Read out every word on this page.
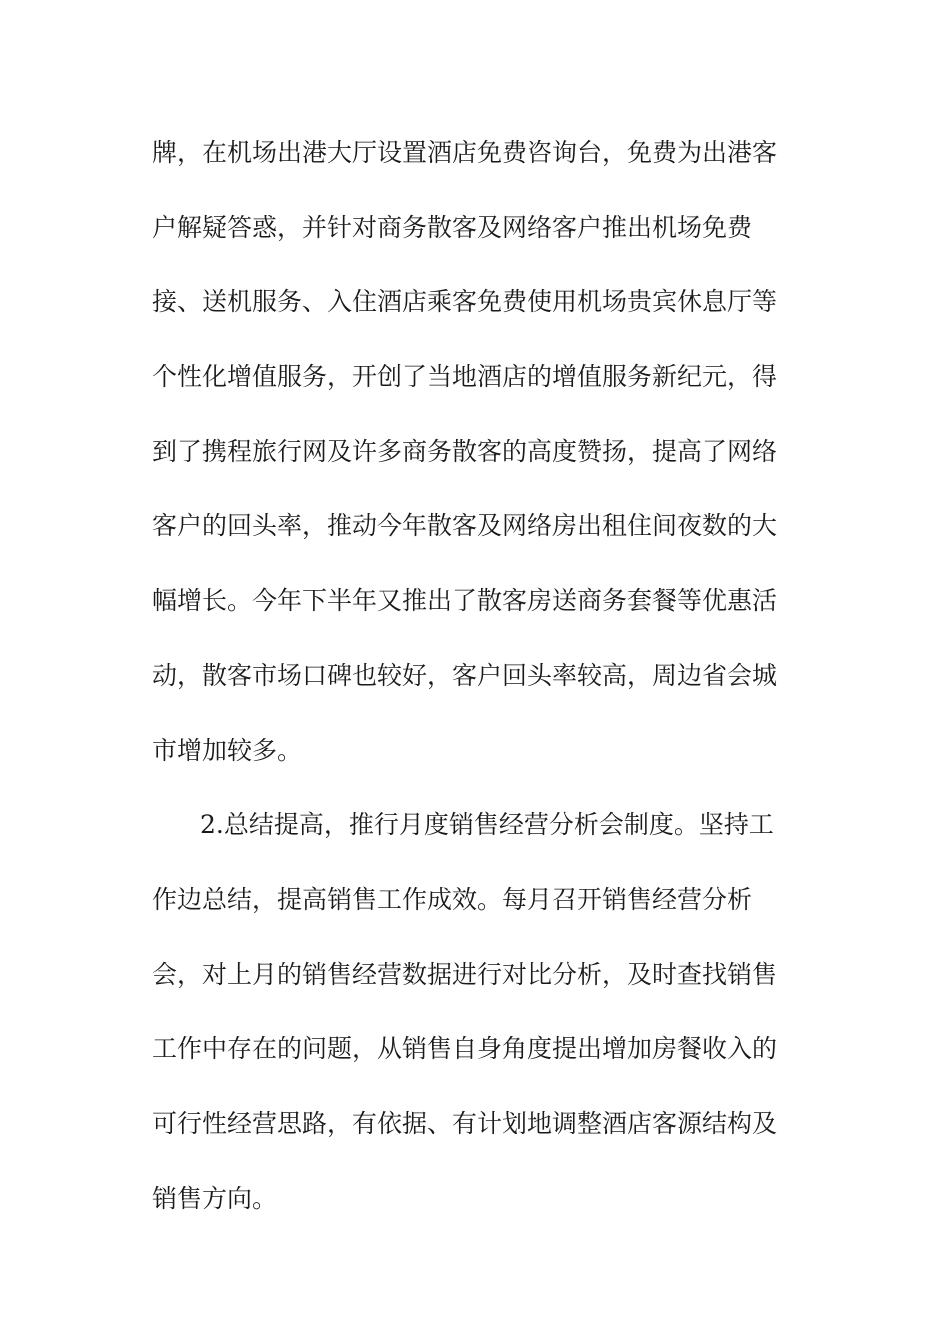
牌，在机场出港大厅设置酒店免费咨询台，免费为出港客
户解疑答惑，并针对商务散客及网络客户推出机场免费
接、送机服务、入住酒店乘客免费使用机场贵宾休息厅等
个性化增值服务，开创了当地酒店的增值服务新纪元，得
到了携程旅行网及许多商务散客的高度赞扬，提高了网络
客户的回头率，推动今年散客及网络房出租住间夜数的大
幅增长。今年下半年又推出了散客房送商务套餐等优惠活
动，散客市场口碑也较好，客户回头率较高，周边省会城
市增加较多。
2.总结提高，推行月度销售经营分析会制度。坚持工
作边总结，提高销售工作成效。每月召开销售经营分析
会，对上月的销售经营数据进行对比分析，及时查找销售
工作中存在的问题，从销售自身角度提出增加房餐收入的
可行性经营思路，有依据、有计划地调整酒店客源结构及
销售方向。
